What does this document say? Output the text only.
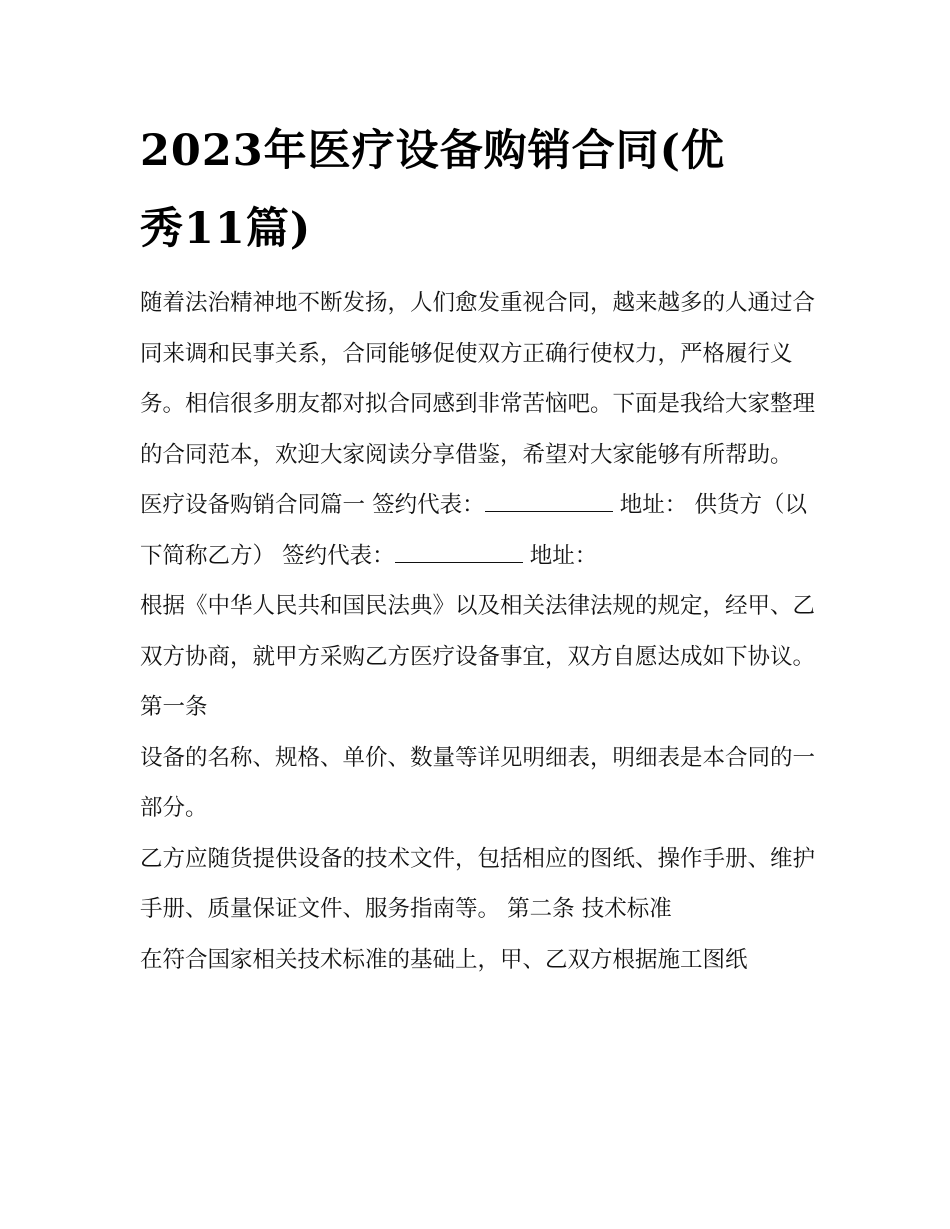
2023年医疗设备购销合同(优
秀11篇)

随着法治精神地不断发扬，人们愈发重视合同，越来越多的人通过合同来调和民事关系，合同能够促使双方正确行使权力，严格履行义务。相信很多朋友都对拟合同感到非常苦恼吧。下面是我给大家整理的合同范本，欢迎大家阅读分享借鉴，希望对大家能够有所帮助。

医疗设备购销合同篇一 签约代表：	地址： 供货方（以下简称乙方） 签约代表：	地址：

根据《中华人民共和国民法典》以及相关法律法规的规定，经甲、乙双方协商，就甲方采购乙方医疗设备事宜，双方自愿达成如下协议。 第一条

设备的名称、规格、单价、数量等详见明细表，明细表是本合同的一部分。

乙方应随货提供设备的技术文件，包括相应的图纸、操作手册、维护手册、质量保证文件、服务指南等。 第二条 技术标准

在符合国家相关技术标准的基础上，甲、乙双方根据施工图纸
